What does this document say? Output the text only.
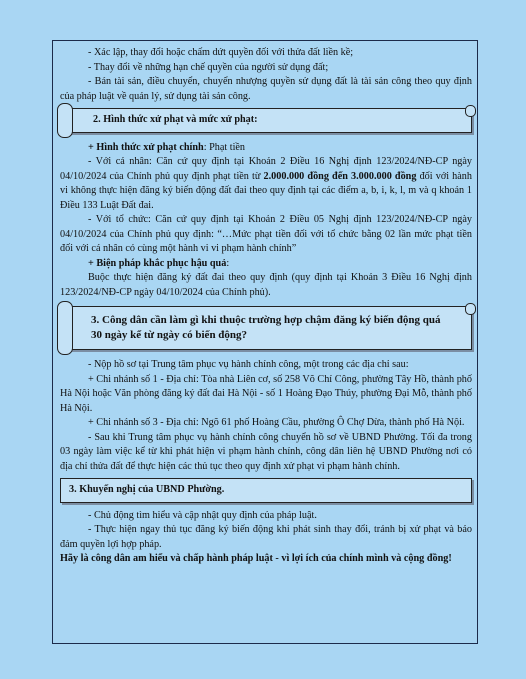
- Xác lập, thay đổi hoặc chấm dứt quyền đối với thửa đất liền kề;

- Thay đổi về những hạn chế quyền của người sử dụng đất;

- Bán tài sản, điều chuyển, chuyển nhượng quyền sử dụng đất là tài sản công theo quy định của pháp luật về quản lý, sử dụng tài sản công.

2. Hình thức xử phạt và mức xử phạt:

+ Hình thức xử phạt chính: Phạt tiền

- Với cá nhân: Căn cứ quy định tại Khoản 2 Điều 16 Nghị định 123/2024/NĐ-CP ngày 04/10/2024 của Chính phủ quy định phạt tiền từ 2.000.000 đồng đến 3.000.000 đồng đối với hành vi không thực hiện đăng ký biến động đất đai theo quy định tại các điểm a, b, i, k, l, m và q khoản 1 Điều 133 Luật Đất đai.

- Với tổ chức: Căn cứ quy định tại Khoản 2 Điều 05 Nghị định 123/2024/NĐ-CP ngày 04/10/2024 của Chính phủ quy định: “…Mức phạt tiền đối với tổ chức bằng 02 lần mức phạt tiền đối với cá nhân có cùng một hành vi vi phạm hành chính”

+ Biện pháp khắc phục hậu quả:

Buộc thực hiện đăng ký đất đai theo quy định (quy định tại Khoản 3 Điều 16 Nghị định 123/2024/NĐ-CP ngày 04/10/2024 của Chính phủ).

3. Công dân cần làm gì khi thuộc trường hợp chậm đăng ký biến động quá 30 ngày kể từ ngày có biến động?

- Nộp hồ sơ tại Trung tâm phục vụ hành chính công, một trong các địa chỉ sau:

+ Chi nhánh số 1 - Địa chỉ: Tòa nhà Liên cơ, số 258 Võ Chí Công, phường Tây Hồ, thành phố Hà Nội hoặc Văn phòng đăng ký đất đai Hà Nội - số 1 Hoàng Đạo Thúy, phường Đại Mỗ, thành phố Hà Nội.

+ Chi nhánh số 3 - Địa chỉ: Ngõ 61 phố Hoàng Cầu, phường Ô Chợ Dừa, thành phố Hà Nội.

- Sau khi Trung tâm phục vụ hành chính công chuyển hồ sơ về UBND Phường. Tối đa trong 03 ngày làm việc kể từ khi phát hiện vi phạm hành chính, công dân liên hệ UBND Phường nơi có địa chỉ thửa đất để thực hiện các thủ tục theo quy định xử phạt vi phạm hành chính.

3. Khuyến nghị của UBND Phường.

- Chủ động tìm hiểu và cập nhật quy định của pháp luật.

- Thực hiện ngay thủ tục đăng ký biến động khi phát sinh thay đổi, tránh bị xử phạt và bảo đảm quyền lợi hợp pháp.

Hãy là công dân am hiểu và chấp hành pháp luật - vì lợi ích của chính mình và cộng đồng!
